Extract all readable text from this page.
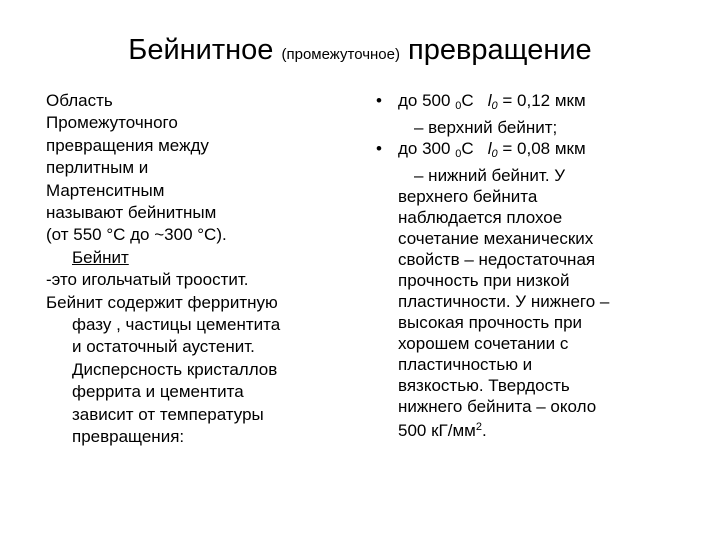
Бейнитное (промежуточное) превращение

Область

Промежуточного

превращения между

перлитным и

Мартенситным

называют бейнитным

(от 550 °С до ~300 °С).

Бейнит

-это игольчатый троостит.

Бейнит содержит ферритную

фазу , частицы цементита

и остаточный аустенит.

Дисперсность кристаллов

феррита и цементита

зависит от температуры

превращения:

• до 500 $_0$С   $l_0 = 0,12$ мкм
– верхний бейнит;
• до 300 $_0$С   $l_0 = 0,08$ мкм
– нижний бейнит. У
верхнего бейнита
наблюдается плохое
сочетание механических
свойств – недостаточная
прочность при низкой
пластичности. У нижнего –
высокая прочность при
хорошем сочетании с
пластичностью и
вязкостью. Твердость
нижнего бейнита – около
500 $кГ/мм^2$.
